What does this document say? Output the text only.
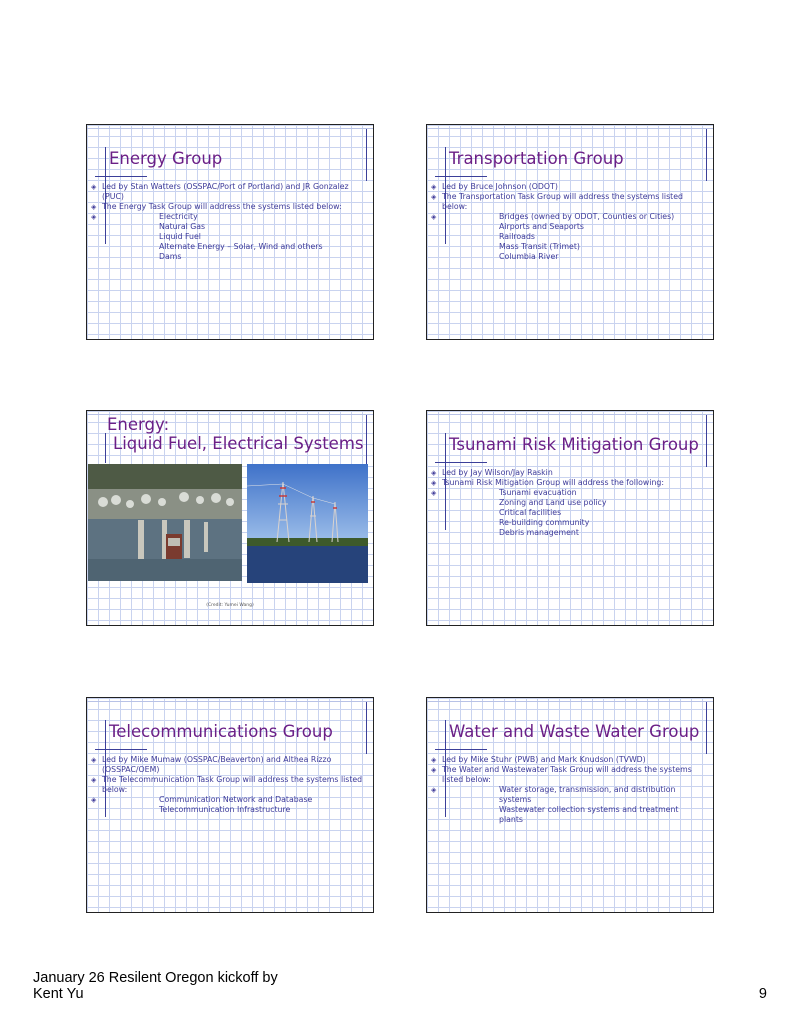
Energy Group
◈ Led by Stan Watters (OSSPAC/Port of Portland) and JR Gonzalez (PUC)
◈ The Energy Task Group will address the systems listed below:
◈ Electricity
Natural Gas
Liquid Fuel
Alternate Energy – Solar, Wind and others
Dams
Transportation Group
◈ Led by Bruce Johnson (ODOT)
◈ The Transportation Task Group will address the systems listed below:
◈ Bridges (owned by ODOT, Counties or Cities)
Airports and Seaports
Railroads
Mass Transit (Trimet)
Columbia River
Energy:
Liquid Fuel, Electrical Systems
(Credit: Yumei Wang)
Tsunami Risk Mitigation Group
◈ Led by Jay Wilson/Jay Raskin
◈ Tsunami Risk Mitigation Group will address the following:
◈ Tsunami evacuation
Zoning and Land use policy
Critical facilities
Re-building community
Debris management
Telecommunications Group
◈ Led by Mike Mumaw (OSSPAC/Beaverton) and Althea Rizzo (OSSPAC/OEM)
◈ The Telecommunication Task Group will address the systems listed below:
◈ Communication Network and Database
Telecommunication Infrastructure
Water and Waste Water Group
◈ Led by Mike Stuhr (PWB) and Mark Knudson (TVWD)
◈ The Water and Wastewater Task Group will address the systems listed below:
◈ Water storage, transmission, and distribution systems
Wastewater collection systems and treatment plants
January 26 Resilent Oregon kickoff by
Kent Yu	9
